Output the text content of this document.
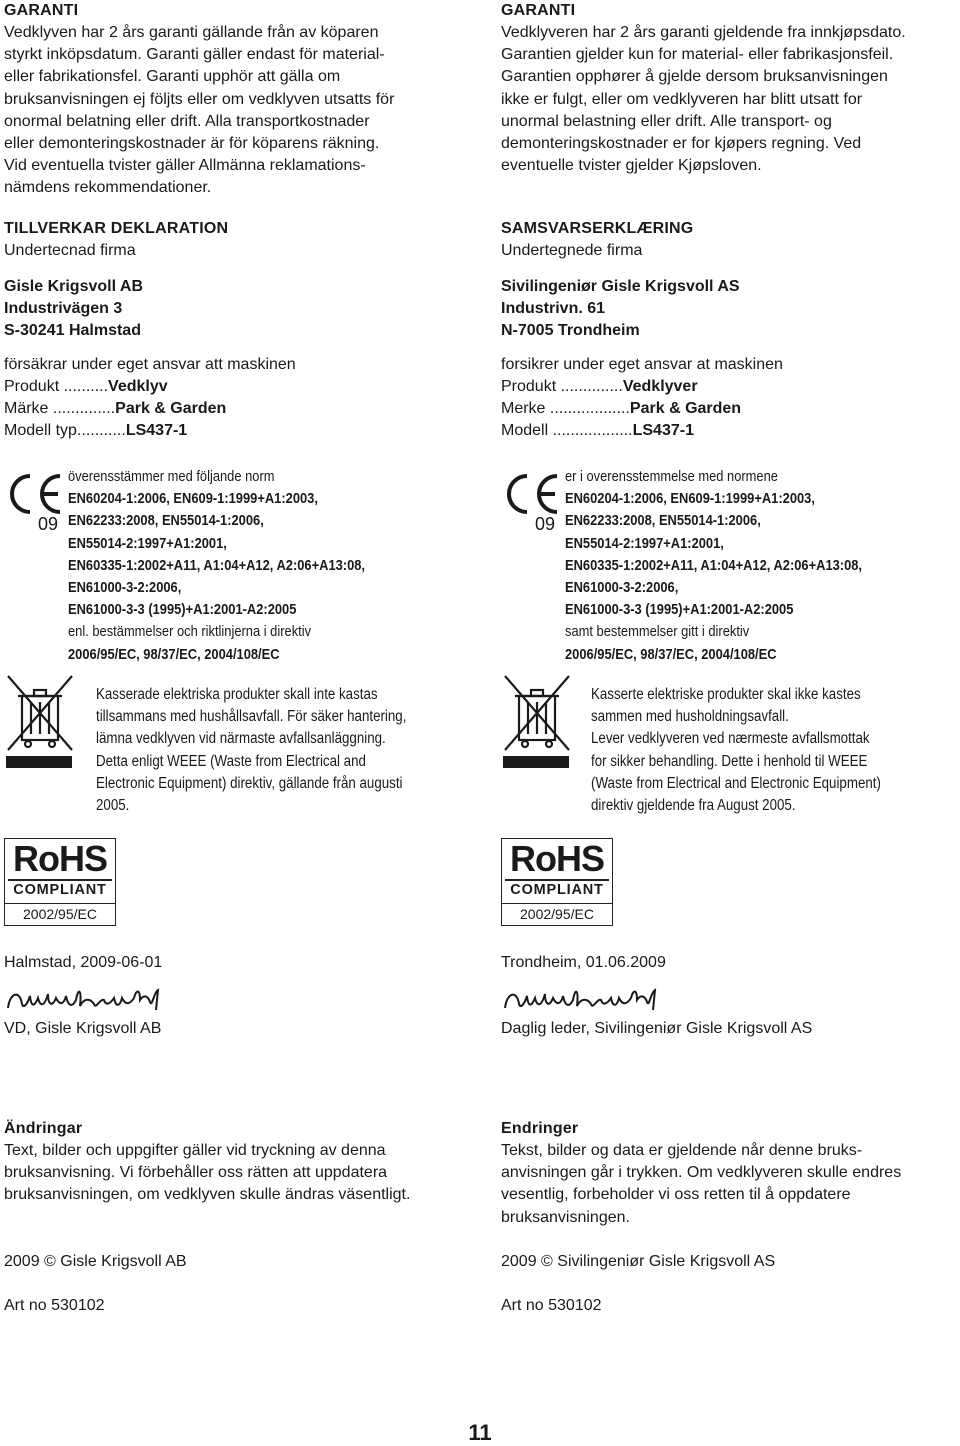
GARANTI

Vedklyven har 2 års garanti gällande från av köparen
styrkt inköpsdatum. Garanti gäller endast för material-
eller fabrikationsfel. Garanti upphör att gälla om
bruksanvisningen ej följts eller om vedklyven utsatts för
onormal belatning eller drift. Alla transportkostnader
eller demonteringskostnader är för köparens räkning.
Vid eventuella tvister gäller Allmänna reklamations-
nämdens rekommendationer.

TILLVERKAR DEKLARATION

Undertecnad firma

Gisle Krigsvoll AB
Industrivägen 3
S-30241 Halmstad
försäkrar under eget ansvar att maskinen
Produkt ..........Vedklyv
Märke ..............Park & Garden
Modell typ...........LS437-1
09
överensstämmer med följande norm
EN60204-1:2006, EN609-1:1999+A1:2003,
EN62233:2008, EN55014-1:2006,
EN55014-2:1997+A1:2001,
EN60335-1:2002+A11, A1:04+A12, A2:06+A13:08,
EN61000-3-2:2006,
EN61000-3-3 (1995)+A1:2001-A2:2005
enl. bestämmelser och riktlinjerna i direktiv
2006/95/EC, 98/37/EC, 2004/108/EC

Kasserade elektriska produkter skall inte kastas
tillsammans med hushållsavfall. För säker hantering,
lämna vedklyven vid närmaste avfallsanläggning.
Detta enligt WEEE (Waste from Electrical and
Electronic Equipment) direktiv, gällande från augusti
2005.

RoHS
COMPLIANT
2002/95/EC

Halmstad, 2009-06-01

VD, Gisle Krigsvoll AB

Ändringar

Text, bilder och uppgifter gäller vid tryckning av denna
bruksanvisning. Vi förbehåller oss rätten att uppdatera
bruksanvisningen, om vedklyven skulle ändras väsentligt.

2009 © Gisle Krigsvoll AB

Art no 530102

GARANTI

Vedklyveren har 2 års garanti gjeldende fra innkjøpsdato.
Garantien gjelder kun for material- eller fabrikasjonsfeil.
Garantien opphører å gjelde dersom bruksanvisningen
ikke er fulgt, eller om vedklyveren har blitt utsatt for
unormal belastning eller drift. Alle transport- og
demonteringskostnader er for kjøpers regning. Ved
eventuelle tvister gjelder Kjøpsloven.

SAMSVARSERKLÆRING

Undertegnede firma

Sivilingeniør Gisle Krigsvoll AS
Industrivn. 61
N-7005 Trondheim
forsikrer under eget ansvar at maskinen
Produkt ..............Vedklyver
Merke ..................Park & Garden
Modell ..................LS437-1
09
er i overensstemmelse med normene
EN60204-1:2006, EN609-1:1999+A1:2003,
EN62233:2008, EN55014-1:2006,
EN55014-2:1997+A1:2001,
EN60335-1:2002+A11, A1:04+A12, A2:06+A13:08,
EN61000-3-2:2006,
EN61000-3-3 (1995)+A1:2001-A2:2005
samt bestemmelser gitt i direktiv
2006/95/EC, 98/37/EC, 2004/108/EC

Kasserte elektriske produkter skal ikke kastes
sammen med husholdningsavfall.
Lever vedklyveren ved nærmeste avfallsmottak
for sikker behandling. Dette i henhold til WEEE
(Waste from Electrical and Electronic Equipment)
direktiv gjeldende fra August 2005.

RoHS
COMPLIANT
2002/95/EC

Trondheim, 01.06.2009

Daglig leder, Sivilingeniør Gisle Krigsvoll AS

Endringer

Tekst, bilder og data er gjeldende når denne bruks-
anvisningen går i trykken. Om vedklyveren skulle endres
vesentlig, forbeholder vi oss retten til å oppdatere
bruksanvisningen.

2009 © Sivilingeniør Gisle Krigsvoll AS

Art no 530102

11
